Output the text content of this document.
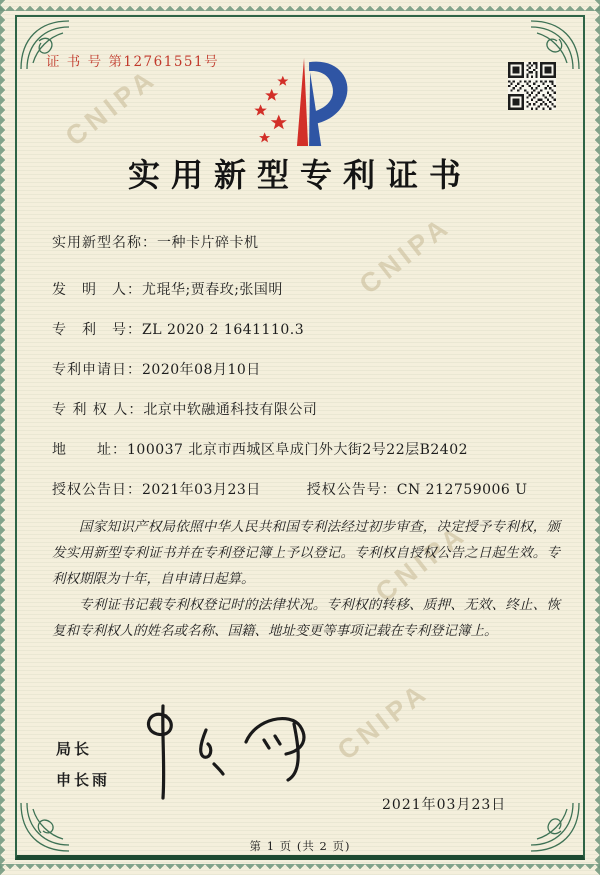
CNIPA
CNIPA
CNIPA
CNIPA
证 书 号 第12761551号
实用新型专利证书
实用新型名称： 一种卡片碎卡机
发　明　人： 尤琨华;贾春玫;张国明
专　利　号： ZL 2020 2 1641110.3
专利申请日： 2020年08月10日
专 利 权 人： 北京中软融通科技有限公司
地　　址： 100037 北京市西城区阜成门外大街2号22层B2402
授权公告日： 2021年03月23日	授权公告号： CN 212759006 U

国家知识产权局依照中华人民共和国专利法经过初步审查，决定授予专利权，颁发实用新型专利证书并在专利登记簿上予以登记。专利权自授权公告之日起生效。专利权期限为十年，自申请日起算。

专利证书记载专利权登记时的法律状况。专利权的转移、质押、无效、终止、恢复和专利权人的姓名或名称、国籍、地址变更等事项记载在专利登记簿上。

局长
申长雨
2021年03月23日
第 1 页 (共 2 页)
